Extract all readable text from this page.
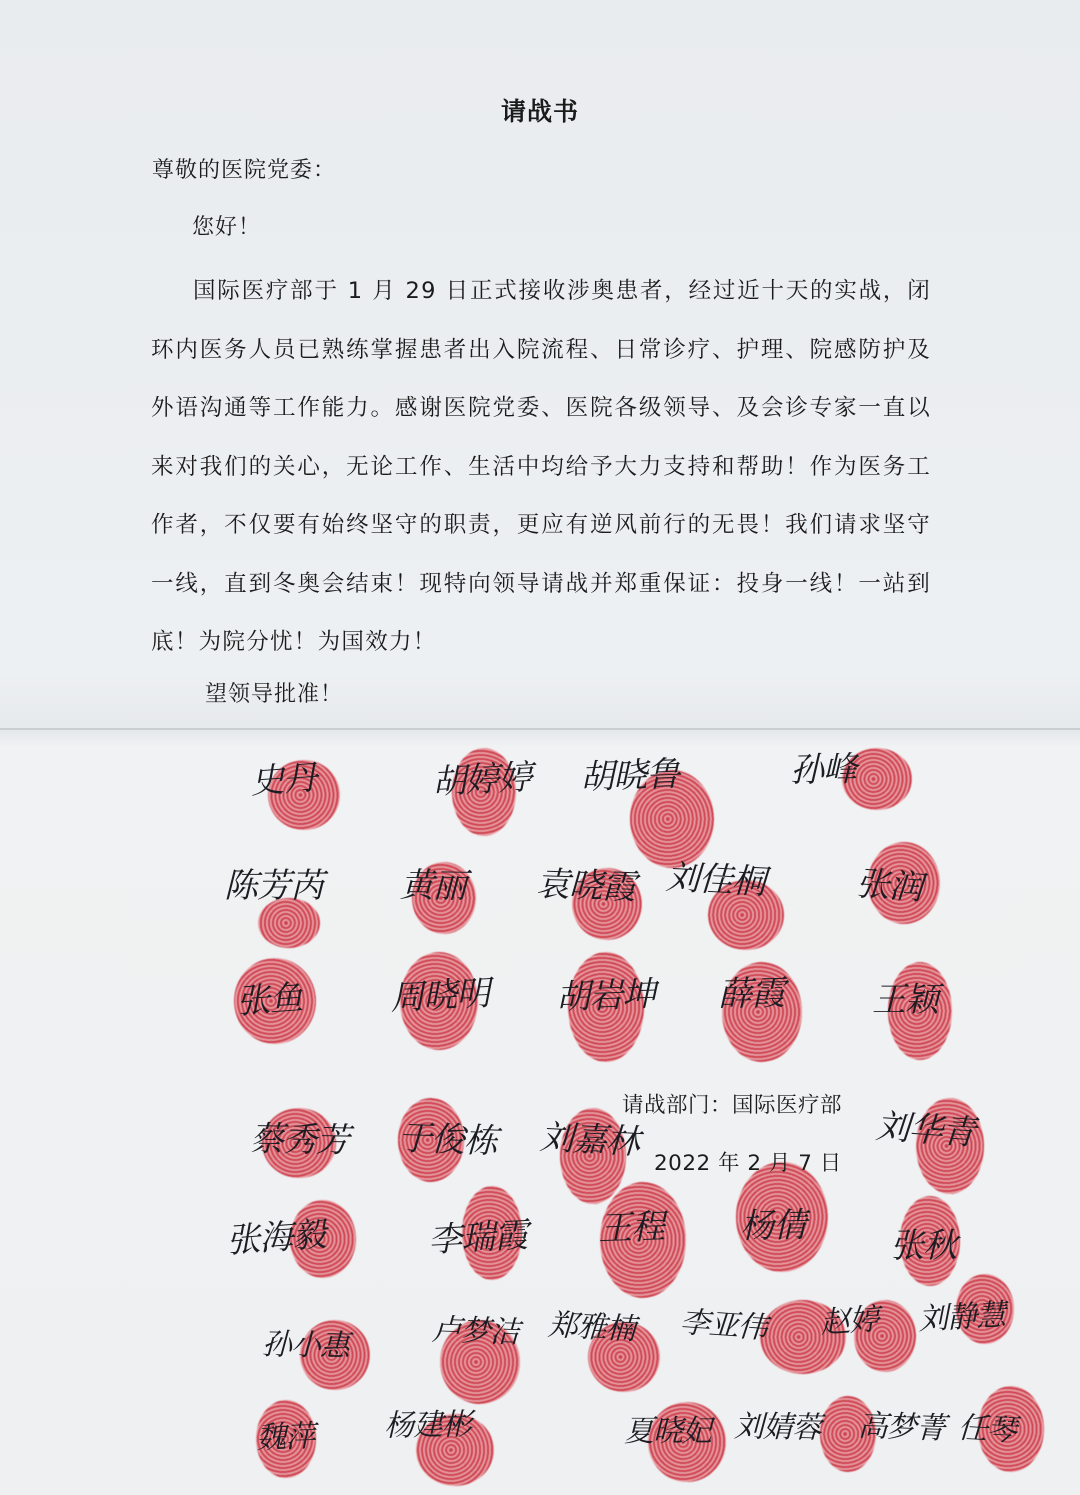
请战书
尊敬的医院党委：
您好！
国际医疗部于 1 月 29 日正式接收涉奥患者，经过近十天的实战，闭环内医务人员已熟练掌握患者出入院流程、日常诊疗、护理、院感防护及外语沟通等工作能力。感谢医院党委、医院各级领导、及会诊专家一直以来对我们的关心，无论工作、生活中均给予大力支持和帮助！作为医务工作者，不仅要有始终坚守的职责，更应有逆风前行的无畏！我们请求坚守一线，直到冬奥会结束！现特向领导请战并郑重保证：投身一线！一站到底！为院分忧！为国效力！
望领导批准！
请战部门：国际医疗部
2022 年 2 月 7 日
史丹	胡婷婷 胡晓鲁	孙峰
陈芳芮 黄丽 袁晓霞 刘佳桐	张润
张鱼	周晓明 胡岩坤 薛霞	王颖
蔡秀芳 于俊栋 刘嘉林	刘华青
张海毅	李瑞霞 王程 杨倩 张秋
孙小惠	卢梦洁 郑雅楠 李亚伟 赵婷 刘静慧
魏萍 杨建彬	夏晓妃 刘婧蓉 高梦菁 任琴
